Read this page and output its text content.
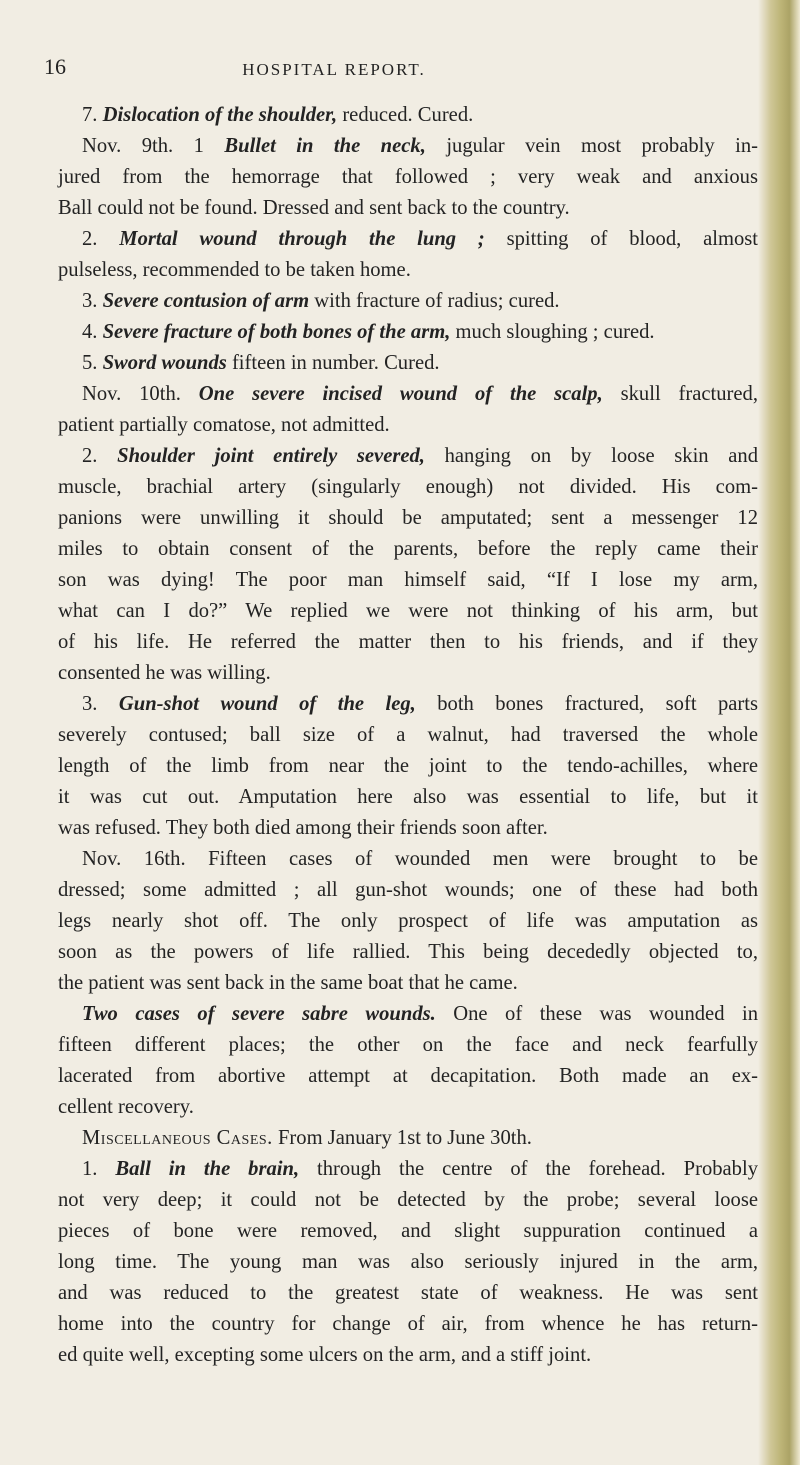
16	HOSPITAL REPORT.
7. Dislocation of the shoulder, reduced. Cured.
Nov. 9th. 1 Bullet in the neck, jugular vein most probably in-
jured from the hemorrage that followed ; very weak and anxious
Ball could not be found. Dressed and sent back to the country.
2. Mortal wound through the lung ; spitting of blood, almost
pulseless, recommended to be taken home.
3. Severe contusion of arm with fracture of radius; cured.
4. Severe fracture of both bones of the arm, much sloughing ; cured.
5. Sword wounds fifteen in number. Cured.
Nov. 10th. One severe incised wound of the scalp, skull fractured,
patient partially comatose, not admitted.
2. Shoulder joint entirely severed, hanging on by loose skin and
muscle, brachial artery (singularly enough) not divided. His com-
panions were unwilling it should be amputated; sent a messenger 12
miles to obtain consent of the parents, before the reply came their
son was dying! The poor man himself said, “If I lose my arm,
what can I do?” We replied we were not thinking of his arm, but
of his life. He referred the matter then to his friends, and if they
consented he was willing.
3. Gun-shot wound of the leg, both bones fractured, soft parts
severely contused; ball size of a walnut, had traversed the whole
length of the limb from near the joint to the tendo-achilles, where
it was cut out. Amputation here also was essential to life, but it
was refused. They both died among their friends soon after.
Nov. 16th. Fifteen cases of wounded men were brought to be
dressed; some admitted ; all gun-shot wounds; one of these had both
legs nearly shot off. The only prospect of life was amputation as
soon as the powers of life rallied. This being decededly objected to,
the patient was sent back in the same boat that he came.
Two cases of severe sabre wounds. One of these was wounded in
fifteen different places; the other on the face and neck fearfully
lacerated from abortive attempt at decapitation. Both made an ex-
cellent recovery.
Miscellaneous Cases. From January 1st to June 30th.
1. Ball in the brain, through the centre of the forehead. Probably
not very deep; it could not be detected by the probe; several loose
pieces of bone were removed, and slight suppuration continued a
long time. The young man was also seriously injured in the arm,
and was reduced to the greatest state of weakness. He was sent
home into the country for change of air, from whence he has return-
ed quite well, excepting some ulcers on the arm, and a stiff joint.
